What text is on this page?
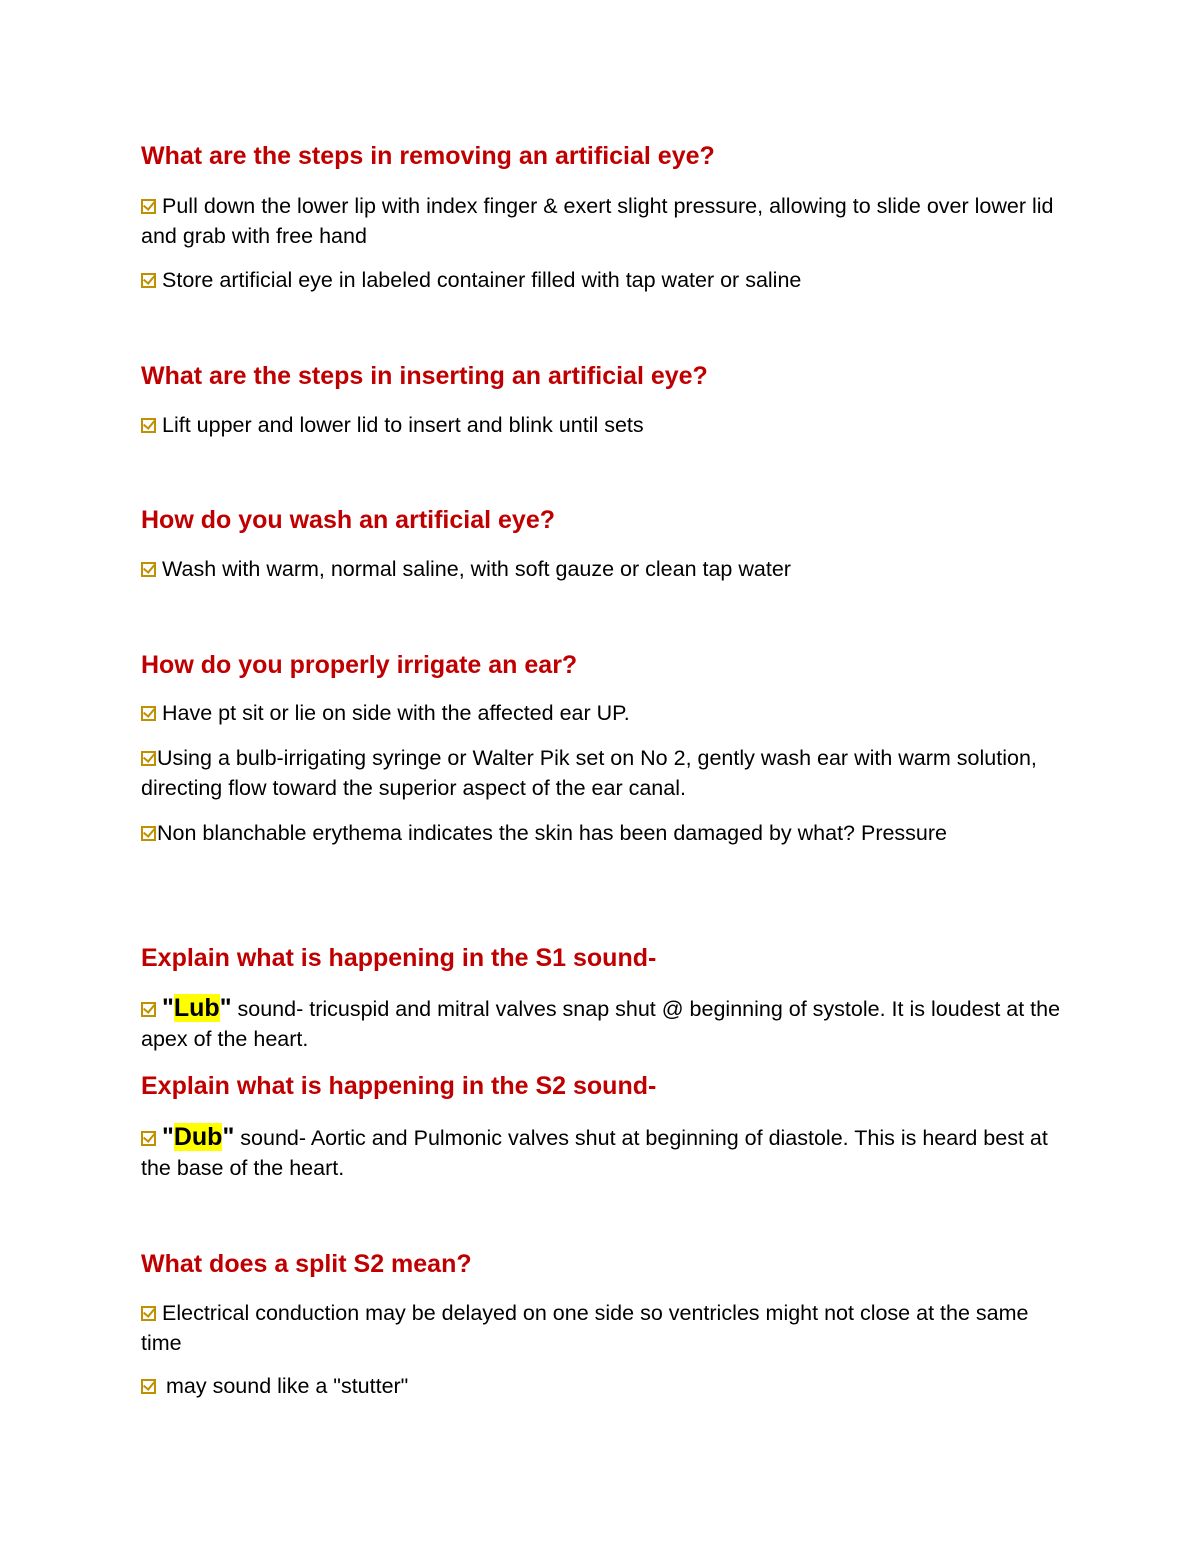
What are the steps in removing an artificial eye?

Pull down the lower lip with index finger & exert slight pressure, allowing to slide over lower lid and grab with free hand

Store artificial eye in labeled container filled with tap water or saline

What are the steps in inserting an artificial eye?

Lift upper and lower lid to insert and blink until sets

How do you wash an artificial eye?

Wash with warm, normal saline, with soft gauze or clean tap water

How do you properly irrigate an ear?

Have pt sit or lie on side with the affected ear UP.

Using a bulb-irrigating syringe or Walter Pik set on No 2, gently wash ear with warm solution, directing flow toward the superior aspect of the ear canal.

Non blanchable erythema indicates the skin has been damaged by what? Pressure

Explain what is happening in the S1 sound-

"Lub" sound- tricuspid and mitral valves snap shut @ beginning of systole. It is loudest at the apex of the heart.

Explain what is happening in the S2 sound-

"Dub" sound- Aortic and Pulmonic valves shut at beginning of diastole. This is heard best at the base of the heart.

What does a split S2 mean?

Electrical conduction may be delayed on one side so ventricles might not close at the same time

may sound like a "stutter"
